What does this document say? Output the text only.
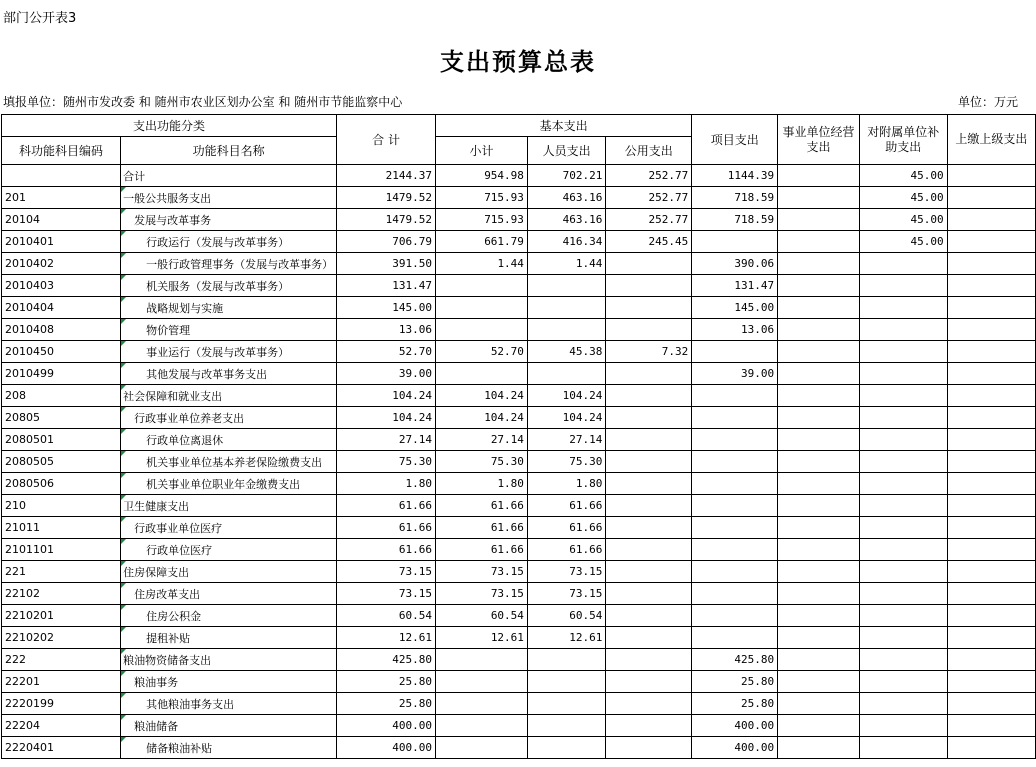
部门公开表3
支出预算总表
填报单位：随州市发改委 和 随州市农业区划办公室 和 随州市节能监察中心	单位：万元
支出功能分类		合 计	基本支出			项目支出	事业单位经营支出	对附属单位补助支出	上缴上级支出
科功能科目编码	功能科目名称		小计	人员支出	公用支出				
	合计	2144.37	954.98	702.21	252.77	1144.39		45.00	
201	一般公共服务支出	1479.52	715.93	463.16	252.77	718.59		45.00	
20104	发展与改革事务	1479.52	715.93	463.16	252.77	718.59		45.00	
2010401	行政运行（发展与改革事务）	706.79	661.79	416.34	245.45			45.00	
2010402	一般行政管理事务（发展与改革事务）	391.50	1.44	1.44		390.06			
2010403	机关服务（发展与改革事务）	131.47				131.47			
2010404	战略规划与实施	145.00				145.00			
2010408	物价管理	13.06				13.06			
2010450	事业运行（发展与改革事务）	52.70	52.70	45.38	7.32				
2010499	其他发展与改革事务支出	39.00				39.00			
208	社会保障和就业支出	104.24	104.24	104.24					
20805	行政事业单位养老支出	104.24	104.24	104.24					
2080501	行政单位离退休	27.14	27.14	27.14					
2080505	机关事业单位基本养老保险缴费支出	75.30	75.30	75.30					
2080506	机关事业单位职业年金缴费支出	1.80	1.80	1.80					
210	卫生健康支出	61.66	61.66	61.66					
21011	行政事业单位医疗	61.66	61.66	61.66					
2101101	行政单位医疗	61.66	61.66	61.66					
221	住房保障支出	73.15	73.15	73.15					
22102	住房改革支出	73.15	73.15	73.15					
2210201	住房公积金	60.54	60.54	60.54					
2210202	提租补贴	12.61	12.61	12.61					
222	粮油物资储备支出	425.80				425.80			
22201	粮油事务	25.80				25.80			
2220199	其他粮油事务支出	25.80				25.80			
22204	粮油储备	400.00				400.00			
2220401	储备粮油补贴	400.00				400.00			
